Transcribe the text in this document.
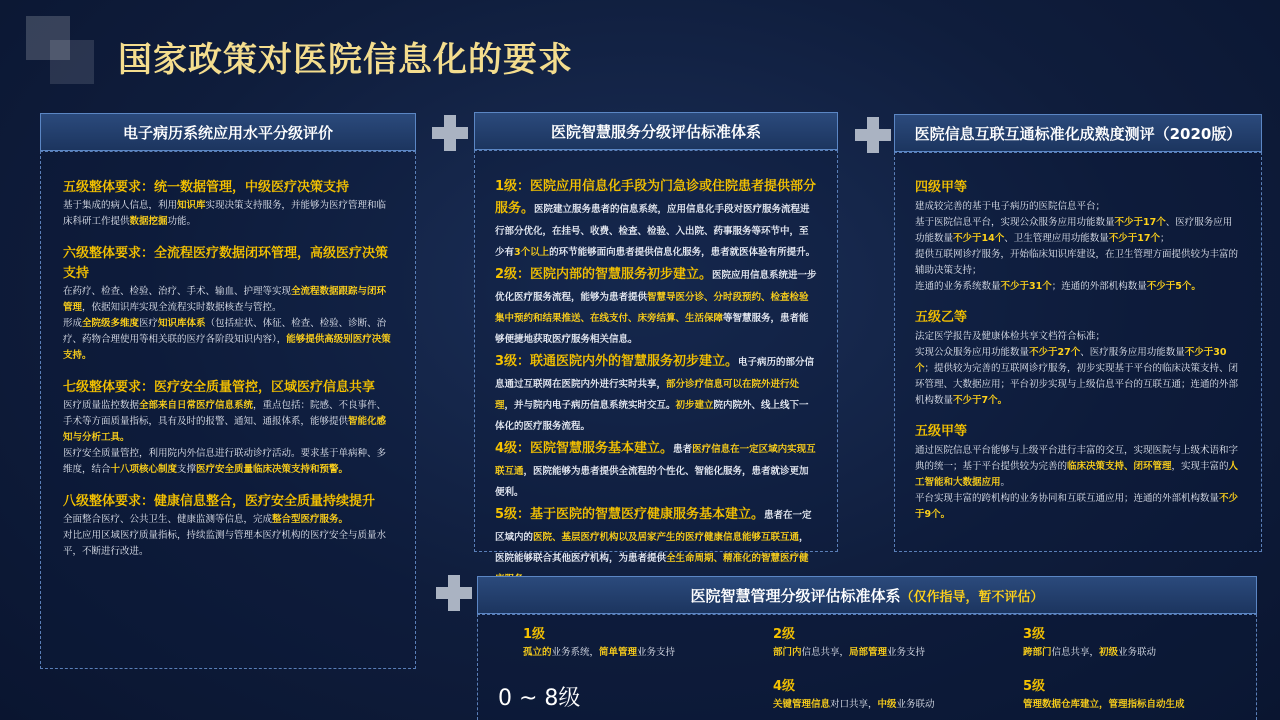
国家政策对医院信息化的要求
电子病历系统应用水平分级评价
五级整体要求：统一数据管理，中级医疗决策支持
基于集成的病人信息，利用知识库实现决策支持服务，并能够为医疗管理和临床科研工作提供数据挖掘功能。
六级整体要求：全流程医疗数据闭环管理，高级医疗决策支持
在药疗、检查、检验、治疗、手术、输血、护理等实现全流程数据跟踪与闭环管理，依据知识库实现全流程实时数据核查与管控。
形成全院级多维度医疗知识库体系（包括症状、体征、检查、检验、诊断、治疗、药物合理使用等相关联的医疗各阶段知识内容），能够提供高级别医疗决策支持。
七级整体要求：医疗安全质量管控，区域医疗信息共享
医疗质量监控数据全部来自日常医疗信息系统，重点包括：院感、不良事件、手术等方面质量指标，具有及时的报警、通知、通报体系，能够提供智能化感知与分析工具。
医疗安全质量管控，利用院内外信息进行联动诊疗活动。要求基于单病种、多维度，结合十八项核心制度支撑医疗安全质量临床决策支持和预警。
八级整体要求：健康信息整合，医疗安全质量持续提升
全面整合医疗、公共卫生、健康监测等信息，完成整合型医疗服务。
对比应用区域医疗质量指标，持续监测与管理本医疗机构的医疗安全与质量水平，不断进行改进。
医院智慧服务分级评估标准体系
1级：医院应用信息化手段为门急诊或住院患者提供部分服务。医院建立服务患者的信息系统，应用信息化手段对医疗服务流程进行部分优化，在挂号、收费、检查、检验、入出院、药事服务等环节中，至少有3个以上的环节能够面向患者提供信息化服务，患者就医体验有所提升。
2级：医院内部的智慧服务初步建立。医院应用信息系统进一步优化医疗服务流程，能够为患者提供智慧导医分诊、分时段预约、检查检验集中预约和结果推送、在线支付、床旁结算、生活保障等智慧服务，患者能够便捷地获取医疗服务相关信息。
3级：联通医院内外的智慧服务初步建立。电子病历的部分信息通过互联网在医院内外进行实时共享，部分诊疗信息可以在院外进行处理，并与院内电子病历信息系统实时交互。初步建立院内院外、线上线下一体化的医疗服务流程。
4级：医院智慧服务基本建立。患者医疗信息在一定区域内实现互联互通，医院能够为患者提供全流程的个性化、智能化服务，患者就诊更加便利。
5级：基于医院的智慧医疗健康服务基本建立。患者在一定区域内的医院、基层医疗机构以及居家产生的医疗健康信息能够互联互通，医院能够联合其他医疗机构，为患者提供全生命周期、精准化的智慧医疗健
医院信息互联互通标准化成熟度测评（2020版）
四级甲等
建成较完善的基于电子病历的医院信息平台；
基于医院信息平台，实现公众服务应用功能数量不少于17个、医疗服务应用功能数量不少于14个、卫生管理应用功能数量不少于17个；
提供互联网诊疗服务，开始临床知识库建设，在卫生管理方面提供较为丰富的辅助决策支持；
连通的业务系统数量不少于31个；连通的外部机构数量不少于5个。
五级乙等
法定医学报告及健康体检共享文档符合标准；
实现公众服务应用功能数量不少于27个、医疗服务应用功能数量不少于30个；提供较为完善的互联网诊疗服务，初步实现基于平台的临床决策支持、闭环管理、大数据应用；平台初步实现与上级信息平台的互联互通；连通的外部机构数量不少于7个。
五级甲等
通过医院信息平台能够与上级平台进行丰富的交互，实现医院与上级术语和字典的统一；基于平台提供较为完善的临床决策支持、闭环管理，实现丰富的人工智能和大数据应用。
平台实现丰富的跨机构的业务协同和互联互通应用；连通的外部机构数量不少于9个。
医院智慧管理分级评估标准体系 （仅作指导，暂不评估）
0 ~ 8级
1级
孤立的业务系统，简单管理业务支持
2级
部门内信息共享，局部管理业务支持
3级
跨部门信息共享，初级业务联动
4级
关键管理信息对口共享，中级业务联动
5级
管理数据仓库建立，管理指标自动生成
